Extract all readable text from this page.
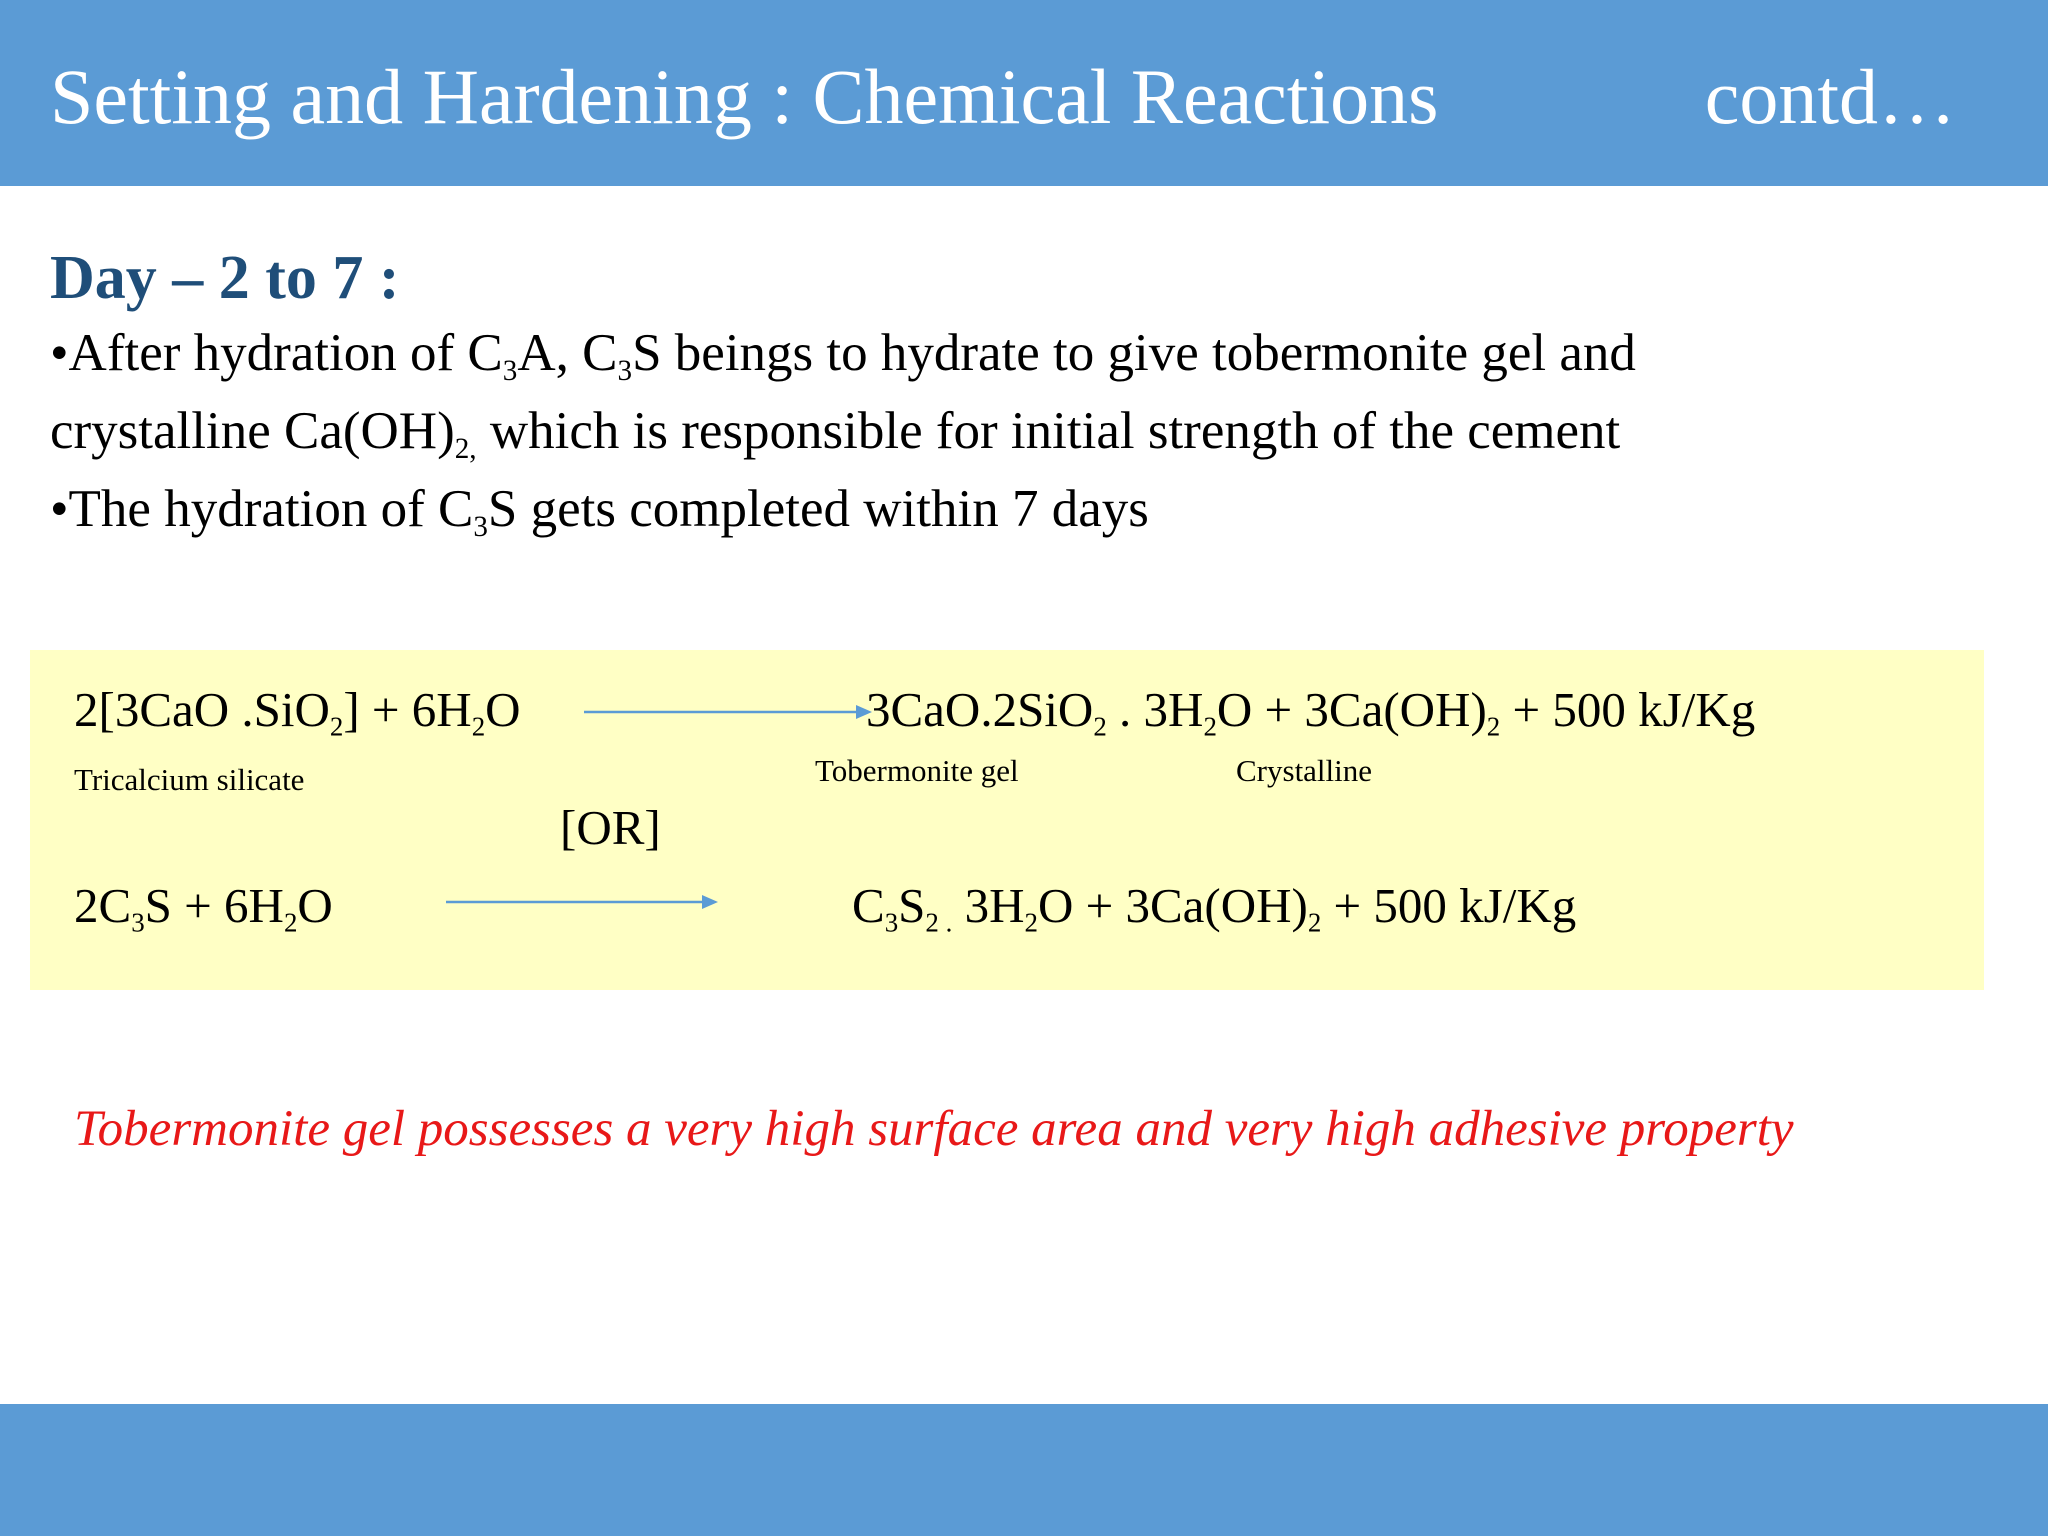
Setting and Hardening : Chemical Reactions	contd…
Day – 2 to 7 :

•After hydration of $C_3A$, $C_3S$ beings to hydrate to give tobermonite gel and

crystalline $Ca(OH)_{2,}$ which is responsible for initial strength of the cement

•The hydration of $C_3S$ gets completed within 7 days

2[3CaO $.SiO_2] + 6H_2O$	3CaO.2SiO$_2$ . $3H_2O + 3Ca(OH)_2 + 500$ kJ/Kg
Tricalcium silicate	Tobermonite gel	Crystalline
[OR]
$2C_3S + 6H_2O$	$C_3S_{2 .}$ $3H_2O + 3Ca(OH)_2 + 500$ kJ/Kg
Tobermonite gel possesses a very high surface area and very high adhesive property
